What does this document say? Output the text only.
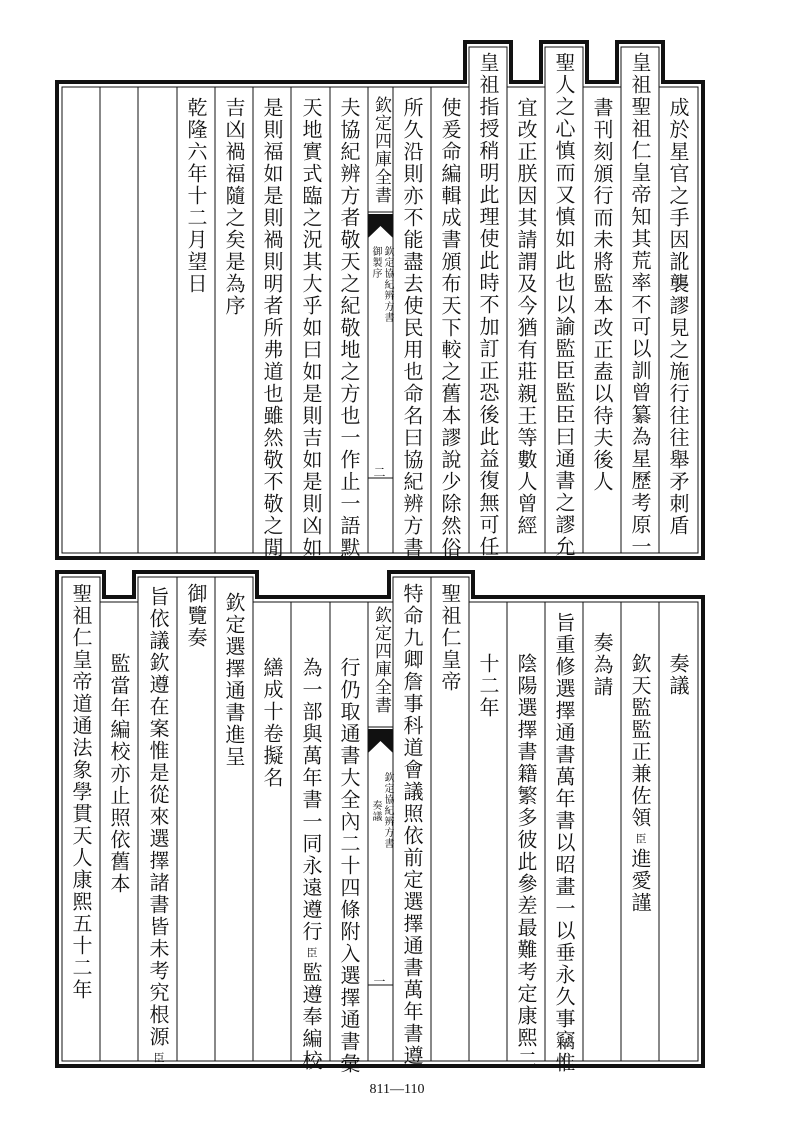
成於星官之手因訛襲謬見之施行往往舉矛刺盾
皇祖聖祖仁皇帝知其荒率不可以訓曾纂為星歷考原一
書刊刻頒行而未將監本改正盍以待夫後人
聖人之心慎而又慎如此也以諭監臣監臣曰通書之謬允
宜改正朕因其請謂及今猶有莊親王等數人曾經
皇祖指授稍明此理使此時不加訂正恐後此益復無可任
使爰命編輯成書頒布天下較之舊本謬說少除然俗
所久沿則亦不能盡去使民用也命名曰協紀辨方書
欽定四庫全書
欽定協紀辨方書
御製序
二
夫協紀辨方者敬天之紀敬地之方也一作止一語默
天地實式臨之況其大乎如曰如是則吉如是則凶如
是則福如是則禍則明者所弗道也雖然敬不敬之閒
吉凶禍福隨之矣是為序
乾隆六年十二月望日
奏議
欽天監監正兼佐領臣進愛謹
奏為請
旨重修選擇通書萬年書以昭畫一以垂永久事竊惟
陰陽選擇書籍繁多彼此參差最難考定康熙二
十二年
聖祖仁皇帝
特命九卿詹事科道會議照依前定選擇通書萬年書遵
欽定四庫全書
欽定協紀辨方書
奏議
一
行仍取通書大全內二十四條附入選擇通書彙
為一部與萬年書一同永遠遵行臣監遵奉編校
繕成十卷擬名
欽定選擇通書進呈
御覽奏
旨依議欽遵在案惟是從來選擇諸書皆未考究根源臣
監當年編校亦止照依舊本
聖祖仁皇帝道通法象學貫天人康熙五十二年
811—110
